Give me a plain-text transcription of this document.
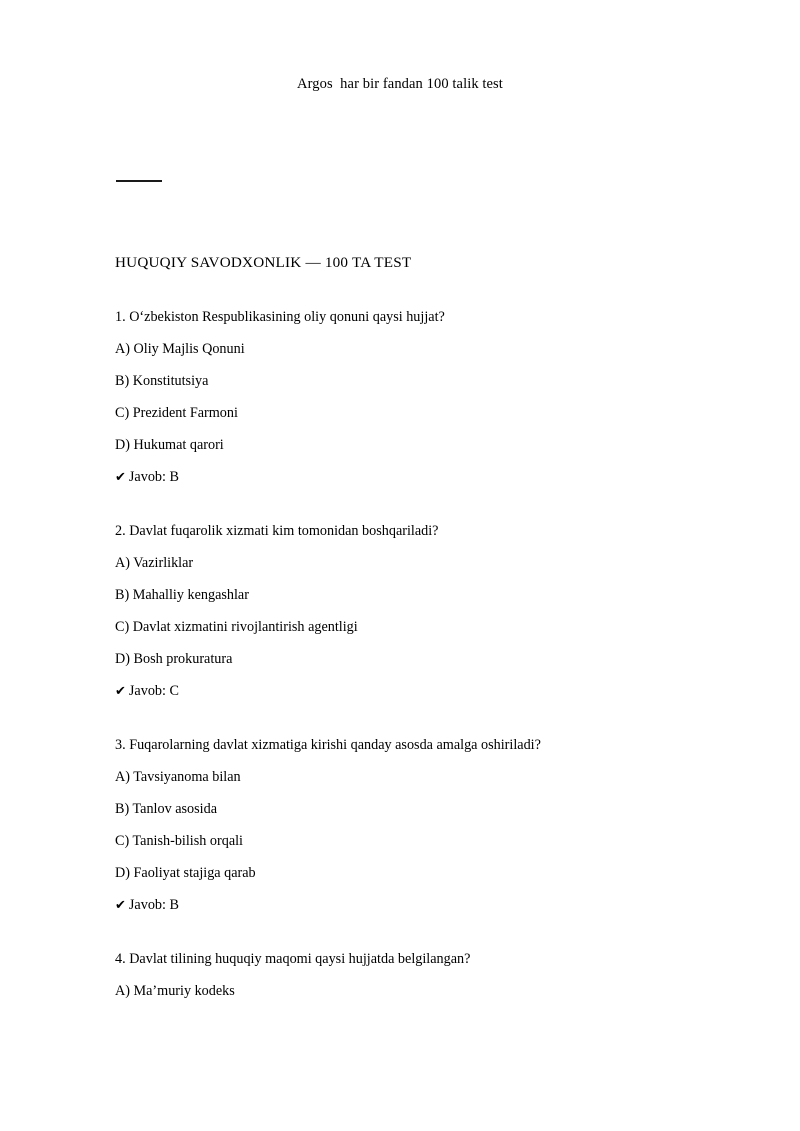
Argos  har bir fandan 100 talik test
HUQUQIY SAVODXONLIK — 100 TA TEST
1. O‘zbekiston Respublikasining oliy qonuni qaysi hujjat?
A) Oliy Majlis Qonuni
B) Konstitutsiya
C) Prezident Farmoni
D) Hukumat qarori
✔ Javob: B
2. Davlat fuqarolik xizmati kim tomonidan boshqariladi?
A) Vazirliklar
B) Mahalliy kengashlar
C) Davlat xizmatini rivojlantirish agentligi
D) Bosh prokuratura
✔ Javob: C
3. Fuqarolarning davlat xizmatiga kirishi qanday asosda amalga oshiriladi?
A) Tavsiyanoma bilan
B) Tanlov asosida
C) Tanish-bilish orqali
D) Faoliyat stajiga qarab
✔ Javob: B
4. Davlat tilining huquqiy maqomi qaysi hujjatda belgilangan?
A) Ma’muriy kodeks
